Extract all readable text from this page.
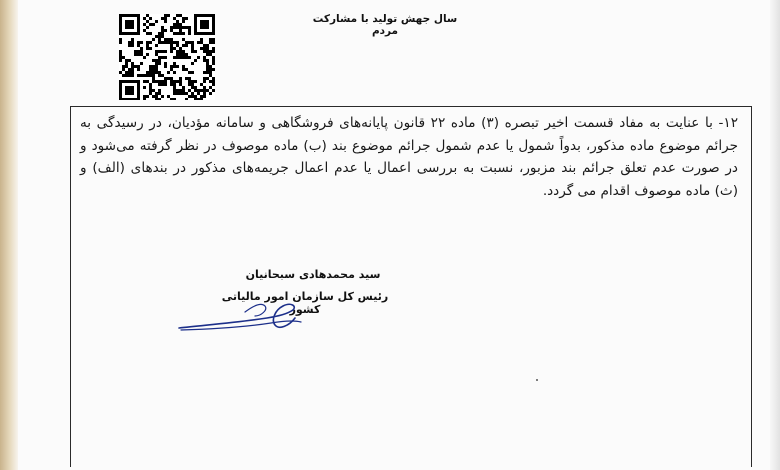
سال جهش تولید با مشارکت مردم
۱۲- با عنایت به مفاد قسمت اخیر تبصره (۳) ماده ۲۲ قانون پایانه‌های فروشگاهی و سامانه مؤدیان، در رسیدگی به جرائم موضوع ماده مذکور، بدواً شمول یا عدم شمول جرائم موضوع بند (ب) ماده موصوف در نظر گرفته می‌شود و در صورت عدم تعلق جرائم بند مزبور، نسبت به بررسی اعمال یا عدم اعمال جریمه‌های مذکور در بندهای (الف) و (ث) ماده موصوف اقدام می گردد.
سید محمدهادی سبحانیان
رئیس کل سازمان امور مالیاتی کشور
